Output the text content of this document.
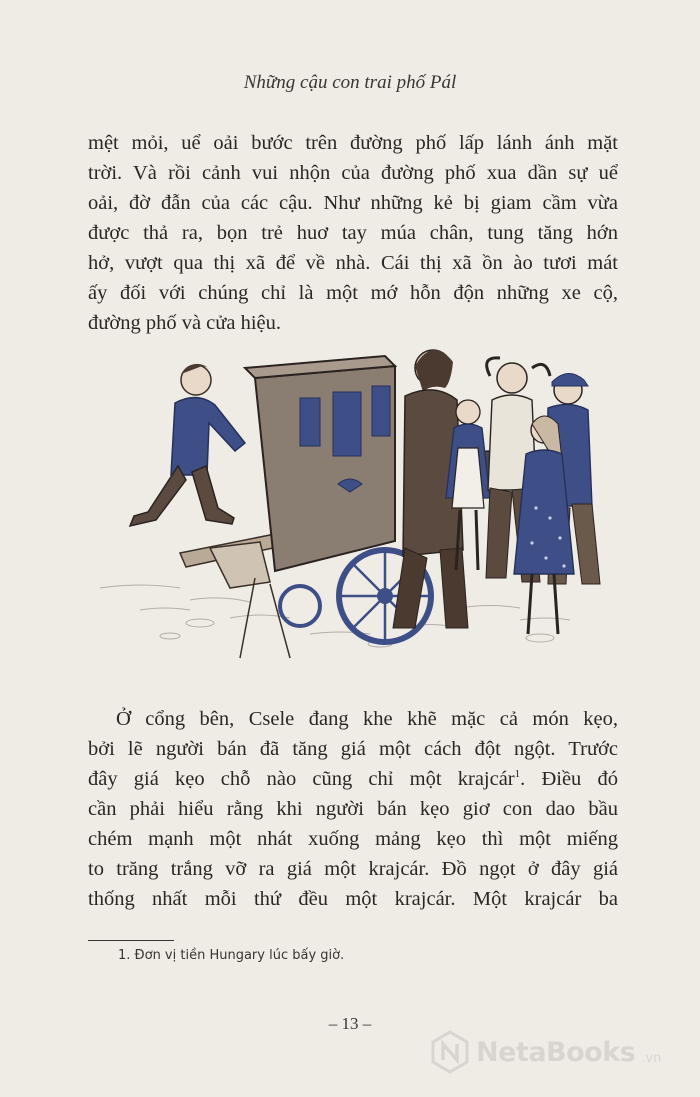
Những cậu con trai phố Pál
mệt mỏi, uể oải bước trên đường phố lấp lánh ánh mặt
trời. Và rồi cảnh vui nhộn của đường phố xua dần sự uể
oải, đờ đẫn của các cậu. Như những kẻ bị giam cầm vừa
được thả ra, bọn trẻ huơ tay múa chân, tung tăng hớn
hở, vượt qua thị xã để về nhà. Cái thị xã ồn ào tươi mát
ấy đối với chúng chỉ là một mớ hỗn độn những xe cộ,
đường phố và cửa hiệu.
Ở cổng bên, Csele đang khe khẽ mặc cả món kẹo,
bởi lẽ người bán đã tăng giá một cách đột ngột. Trước
đây giá kẹo chỗ nào cũng chỉ một krajcár$^1$. Điều đó
cần phải hiểu rằng khi người bán kẹo giơ con dao bầu
chém mạnh một nhát xuống mảng kẹo thì một miếng
to trăng trắng vỡ ra giá một krajcár. Đồ ngọt ở đây giá
thống nhất mỗi thứ đều một krajcár. Một krajcár ba
1. Đơn vị tiền Hungary lúc bấy giờ.
– 13 –
NetaBooks .vn
